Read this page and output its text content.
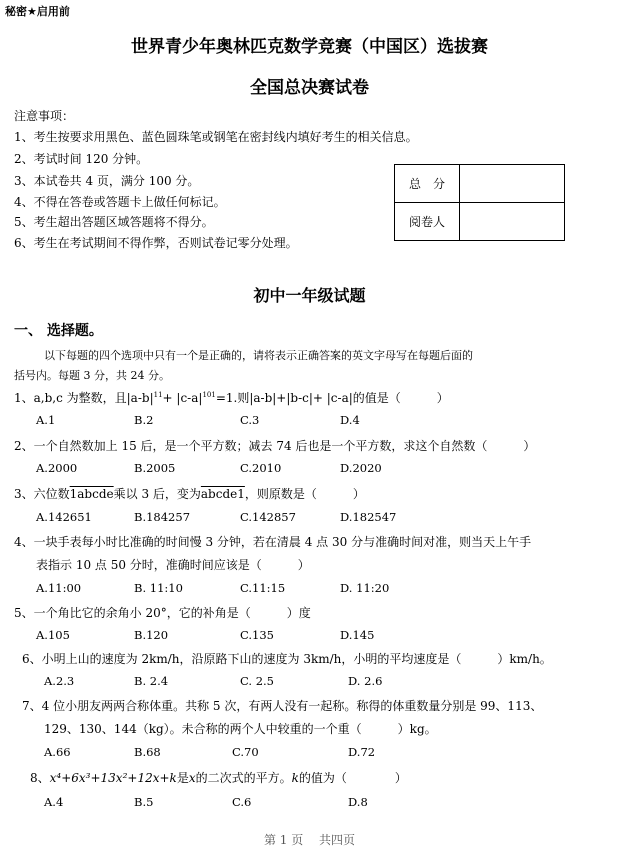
秘密★启用前
世界青少年奥林匹克数学竞赛（中国区）选拔赛
全国总决赛试卷
注意事项：
1、考生按要求用黑色、蓝色圆珠笔或钢笔在密封线内填好考生的相关信息。
2、考试时间 120 分钟。
3、本试卷共 4 页，满分 100 分。
4、不得在答卷或答题卡上做任何标记。
5、考生超出答题区域答题将不得分。
6、考生在考试期间不得作弊，否则试卷记零分处理。
总　分	
阅卷人	
初中一年级试题
一、 选择题。
以下每题的四个选项中只有一个是正确的，请将表示正确答案的英文字母写在每题后面的
括号内。每题 3 分，共 24 分。
1、a,b,c 为整数，且$|a-b|^{11}+ |c-a|^{101}=1$.则|a-b|+|b-c|+ |c-a|的值是（　　　）
A.1	B.2	C.3	D.4
2、一个自然数加上 15 后，是一个平方数；减去 74 后也是一个平方数，求这个自然数（　　　）
A.2000	B.2005	C.2010	D.2020
3、六位数1abcde乘以 3 后，变为abcde1，则原数是（　　　）
A.142651	B.184257	C.142857	D.182547
4、一块手表每小时比准确的时间慢 3 分钟，若在清晨 4 点 30 分与准确时间对准，则当天上午手
表指示 10 点 50 分时，准确时间应该是（　　　）
A.11:00	B. 11:10	C.11:15	D. 11:20
5、一个角比它的余角小 20°，它的补角是（　　　）度
A.105	B.120	C.135	D.145
6、小明上山的速度为 2km/h，沿原路下山的速度为 3km/h，小明的平均速度是（　　　）km/h。
A.2.3	B. 2.4	C. 2.5	D. 2.6
7、4 位小朋友两两合称体重。共称 5 次，有两人没有一起称。称得的体重数量分别是 99、113、
129、130、144（kg）。未合称的两个人中较重的一个重（　　　）kg。
A.66	B.68	C.70	D.72
8、x⁴+6x³+13x²+12x+k是x的二次式的平方。k的值为（　　　　）
A.4	B.5	C.6	D.8
第 1 页　 共四页
